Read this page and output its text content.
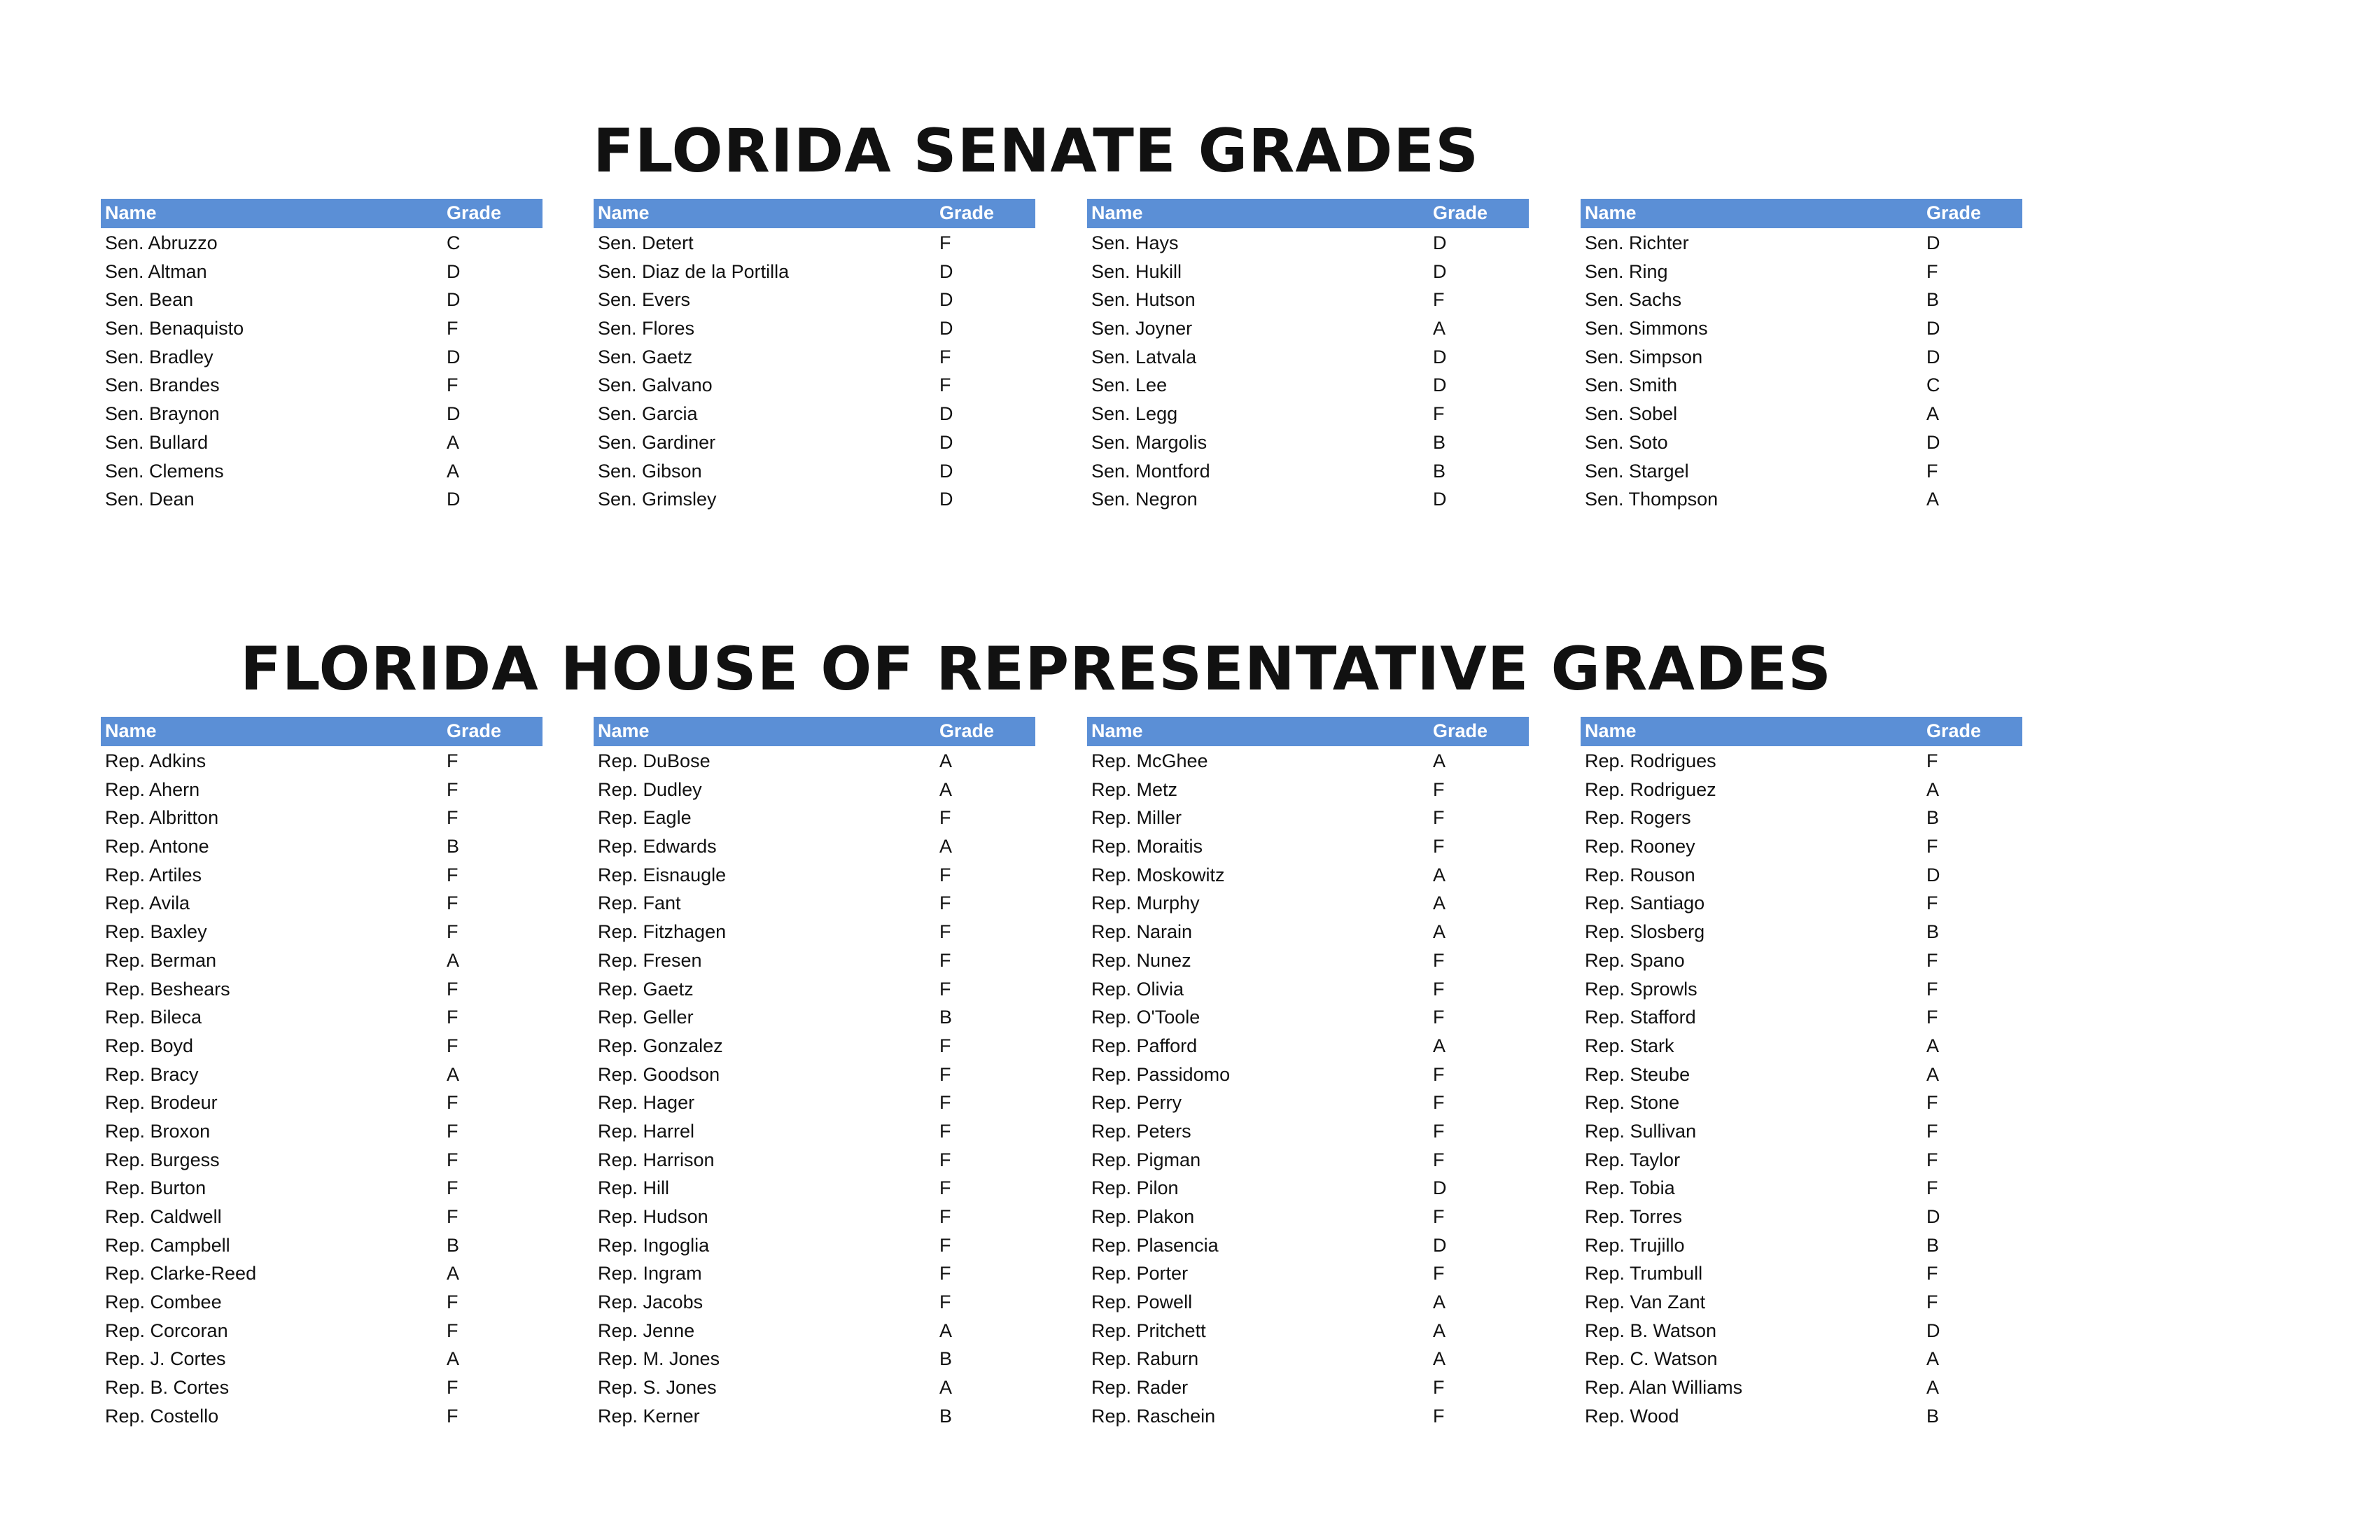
FLORIDA SENATE GRADES
Name	Grade
Sen. Abruzzo	C
Sen. Altman	D
Sen. Bean	D
Sen. Benaquisto	F
Sen. Bradley	D
Sen. Brandes	F
Sen. Braynon	D
Sen. Bullard	A
Sen. Clemens	A
Sen. Dean	D
Name	Grade
Sen. Detert	F
Sen. Diaz de la Portilla	D
Sen. Evers	D
Sen. Flores	D
Sen. Gaetz	F
Sen. Galvano	F
Sen. Garcia	D
Sen. Gardiner	D
Sen. Gibson	D
Sen. Grimsley	D
Name	Grade
Sen. Hays	D
Sen. Hukill	D
Sen. Hutson	F
Sen. Joyner	A
Sen. Latvala	D
Sen. Lee	D
Sen. Legg	F
Sen. Margolis	B
Sen. Montford	B
Sen. Negron	D
Name	Grade
Sen. Richter	D
Sen. Ring	F
Sen. Sachs	B
Sen. Simmons	D
Sen. Simpson	D
Sen. Smith	C
Sen. Sobel	A
Sen. Soto	D
Sen. Stargel	F
Sen. Thompson	A
FLORIDA HOUSE OF REPRESENTATIVE GRADES
Name	Grade
Rep. Adkins	F
Rep. Ahern	F
Rep. Albritton	F
Rep. Antone	B
Rep. Artiles	F
Rep. Avila	F
Rep. Baxley	F
Rep. Berman	A
Rep. Beshears	F
Rep. Bileca	F
Rep. Boyd	F
Rep. Bracy	A
Rep. Brodeur	F
Rep. Broxon	F
Rep. Burgess	F
Rep. Burton	F
Rep. Caldwell	F
Rep. Campbell	B
Rep. Clarke-Reed	A
Rep. Combee	F
Rep. Corcoran	F
Rep. J. Cortes	A
Rep. B. Cortes	F
Rep. Costello	F
Name	Grade
Rep. DuBose	A
Rep. Dudley	A
Rep. Eagle	F
Rep. Edwards	A
Rep. Eisnaugle	F
Rep. Fant	F
Rep. Fitzhagen	F
Rep. Fresen	F
Rep. Gaetz	F
Rep. Geller	B
Rep. Gonzalez	F
Rep. Goodson	F
Rep. Hager	F
Rep. Harrel	F
Rep. Harrison	F
Rep. Hill	F
Rep. Hudson	F
Rep. Ingoglia	F
Rep. Ingram	F
Rep. Jacobs	F
Rep. Jenne	A
Rep. M. Jones	B
Rep. S. Jones	A
Rep. Kerner	B
Name	Grade
Rep. McGhee	A
Rep. Metz	F
Rep. Miller	F
Rep. Moraitis	F
Rep. Moskowitz	A
Rep. Murphy	A
Rep. Narain	A
Rep. Nunez	F
Rep. Olivia	F
Rep. O'Toole	F
Rep. Pafford	A
Rep. Passidomo	F
Rep. Perry	F
Rep. Peters	F
Rep. Pigman	F
Rep. Pilon	D
Rep. Plakon	F
Rep. Plasencia	D
Rep. Porter	F
Rep. Powell	A
Rep. Pritchett	A
Rep. Raburn	A
Rep. Rader	F
Rep. Raschein	F
Name	Grade
Rep. Rodrigues	F
Rep. Rodriguez	A
Rep. Rogers	B
Rep. Rooney	F
Rep. Rouson	D
Rep. Santiago	F
Rep. Slosberg	B
Rep. Spano	F
Rep. Sprowls	F
Rep. Stafford	F
Rep. Stark	A
Rep. Steube	A
Rep. Stone	F
Rep. Sullivan	F
Rep. Taylor	F
Rep. Tobia	F
Rep. Torres	D
Rep. Trujillo	B
Rep. Trumbull	F
Rep. Van Zant	F
Rep. B. Watson	D
Rep. C. Watson	A
Rep. Alan Williams	A
Rep. Wood	B
